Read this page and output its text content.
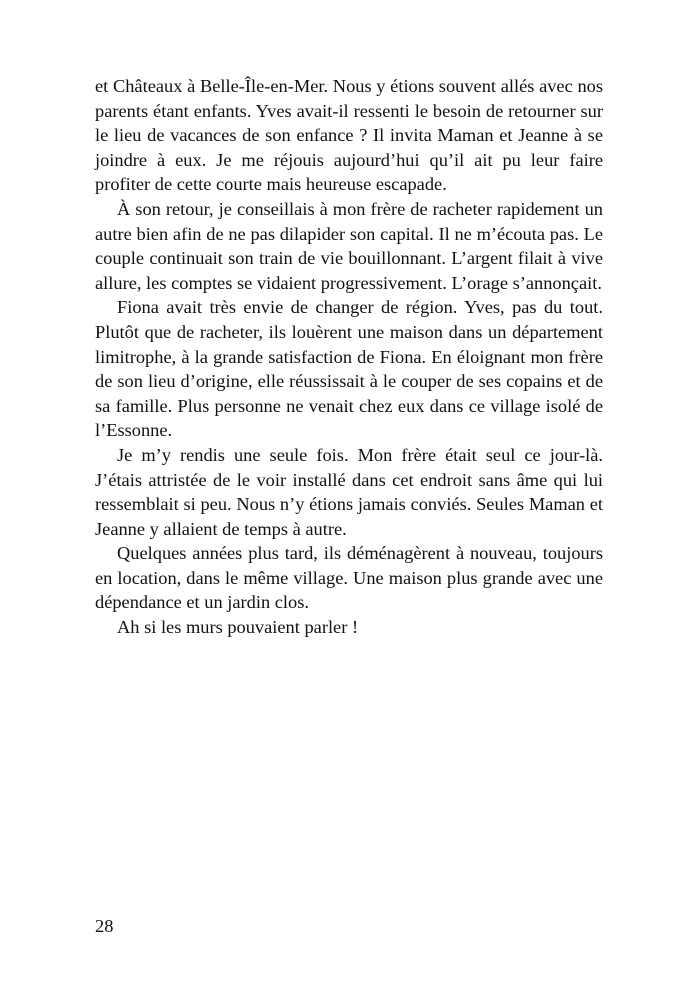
et Châteaux à Belle-Île-en-Mer. Nous y étions souvent allés avec nos parents étant enfants. Yves avait-il ressenti le besoin de retourner sur le lieu de vacances de son enfance ? Il invita Maman et Jeanne à se joindre à eux. Je me réjouis aujourd’hui qu’il ait pu leur faire profiter de cette courte mais heureuse escapade.

À son retour, je conseillais à mon frère de racheter rapidement un autre bien afin de ne pas dilapider son capital. Il ne m’écouta pas. Le couple continuait son train de vie bouillonnant. L’argent filait à vive allure, les comptes se vidaient progressivement. L’orage s’annonçait.

Fiona avait très envie de changer de région. Yves, pas du tout. Plutôt que de racheter, ils louèrent une maison dans un département limitrophe, à la grande satisfaction de Fiona. En éloignant mon frère de son lieu d’origine, elle réussissait à le couper de ses copains et de sa famille. Plus personne ne venait chez eux dans ce village isolé de l’Essonne.

Je m’y rendis une seule fois. Mon frère était seul ce jour-là. J’étais attristée de le voir installé dans cet endroit sans âme qui lui ressemblait si peu. Nous n’y étions jamais conviés. Seules Maman et Jeanne y allaient de temps à autre.

Quelques années plus tard, ils déménagèrent à nouveau, toujours en location, dans le même village. Une maison plus grande avec une dépendance et un jardin clos.

Ah si les murs pouvaient parler !

28
